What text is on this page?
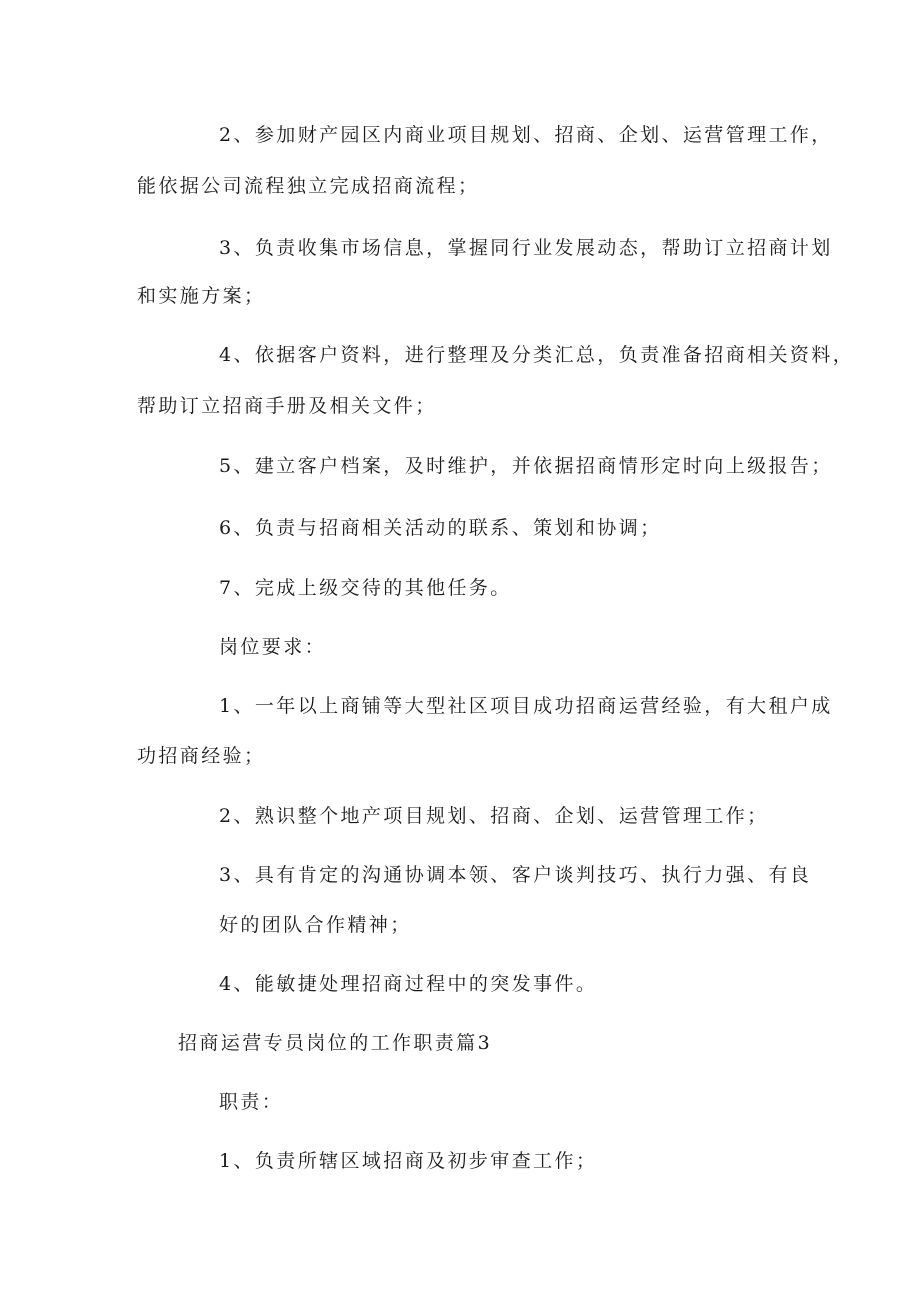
2、参加财产园区内商业项目规划、招商、企划、运营管理工作，
能依据公司流程独立完成招商流程；
3、负责收集市场信息，掌握同行业发展动态，帮助订立招商计划
和实施方案；
4、依据客户资料，进行整理及分类汇总，负责准备招商相关资料，
帮助订立招商手册及相关文件；
5、建立客户档案，及时维护，并依据招商情形定时向上级报告；
6、负责与招商相关活动的联系、策划和协调；
7、完成上级交待的其他任务。
岗位要求：
1、一年以上商铺等大型社区项目成功招商运营经验，有大租户成
功招商经验；
2、熟识整个地产项目规划、招商、企划、运营管理工作；
3、具有肯定的沟通协调本领、客户谈判技巧、执行力强、有良
好的团队合作精神；
4、能敏捷处理招商过程中的突发事件。
招商运营专员岗位的工作职责篇3
职责：
1、负责所辖区域招商及初步审查工作；
